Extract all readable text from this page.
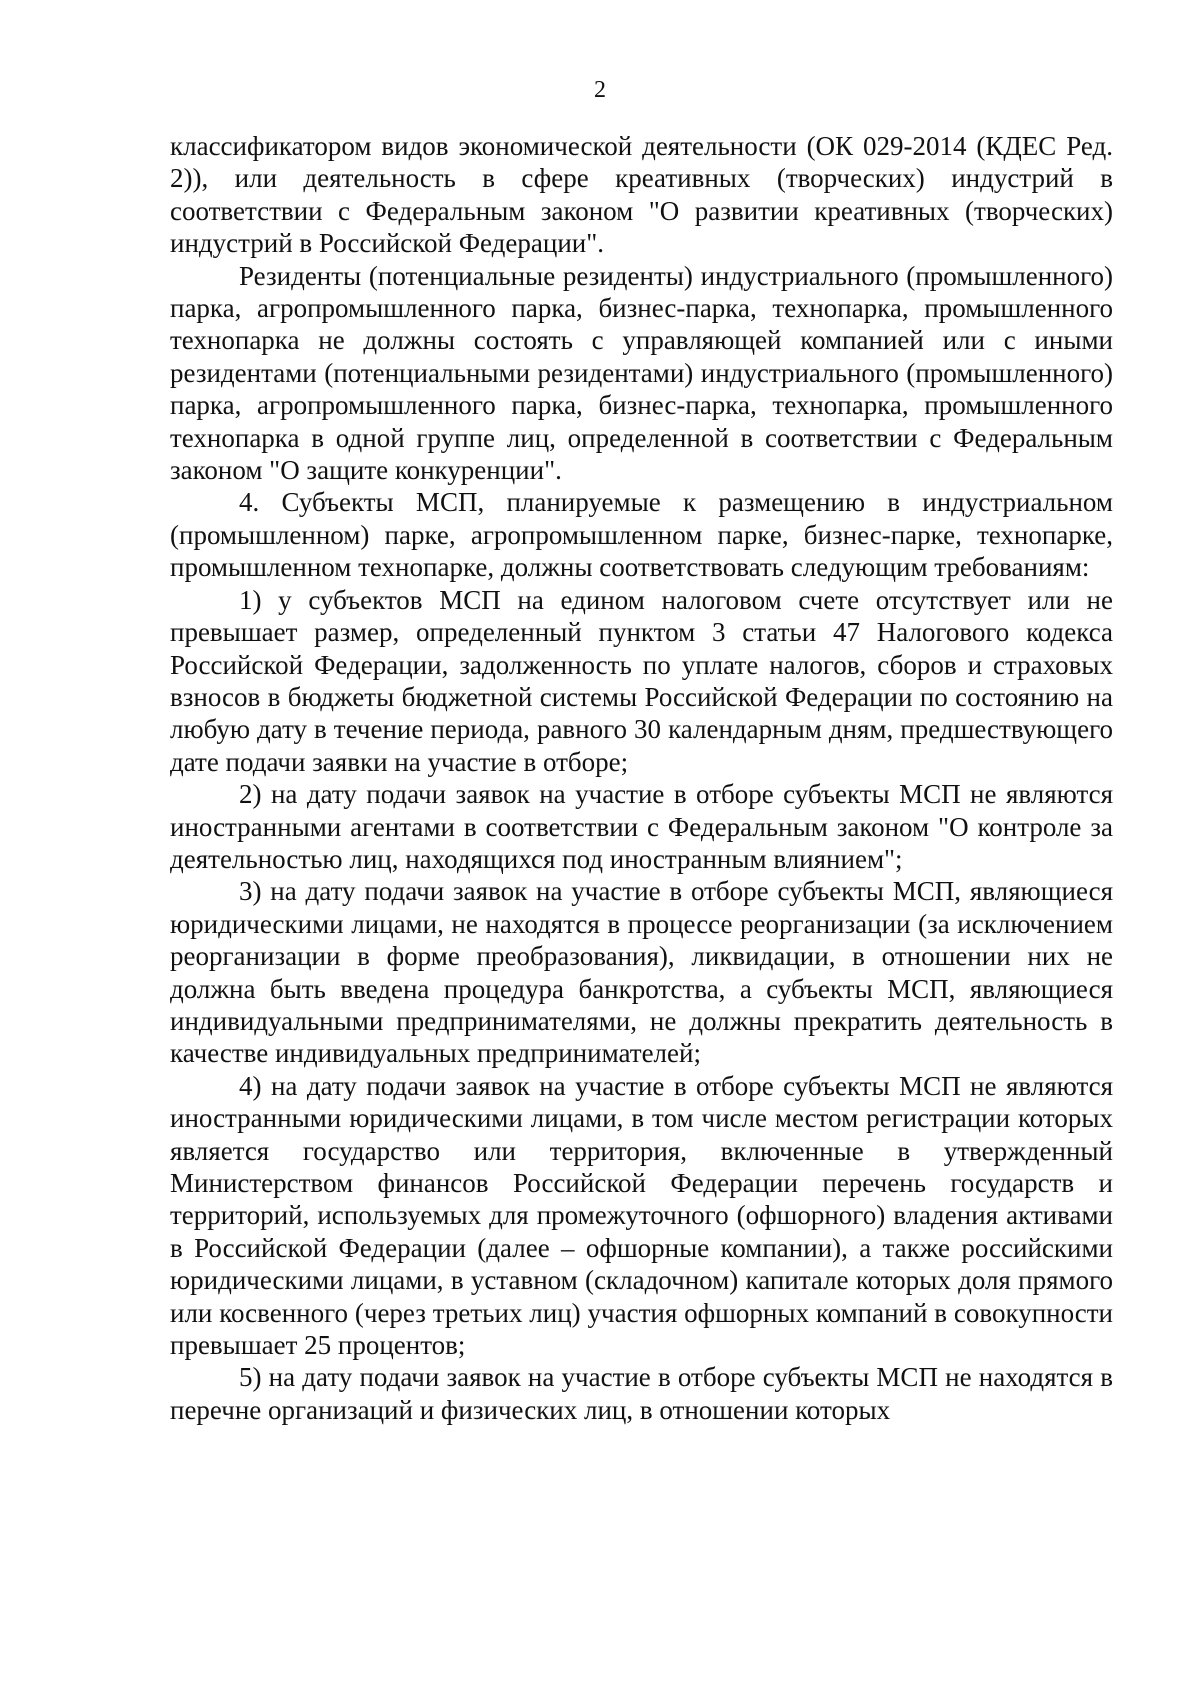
2

классификатором видов экономической деятельности (ОК 029-2014 (КДЕС Ред. 2)), или деятельность в сфере креативных (творческих) индустрий в соответствии с Федеральным законом "О развитии креативных (творческих) индустрий в Российской Федерации".

Резиденты (потенциальные резиденты) индустриального (промышленного) парка, агропромышленного парка, бизнес-парка, технопарка, промышленного технопарка не должны состоять с управляющей компанией или с иными резидентами (потенциальными резидентами) индустриального (промышленного) парка, агропромышленного парка, бизнес-парка, технопарка, промышленного технопарка в одной группе лиц, определенной в соответствии с Федеральным законом "О защите конкуренции".

4. Субъекты МСП, планируемые к размещению в индустриальном (промышленном) парке, агропромышленном парке, бизнес-парке, технопарке, промышленном технопарке, должны соответствовать следующим требованиям:

1) у субъектов МСП на едином налоговом счете отсутствует или не превышает размер, определенный пунктом 3 статьи 47 Налогового кодекса Российской Федерации, задолженность по уплате налогов, сборов и страховых взносов в бюджеты бюджетной системы Российской Федерации по состоянию на любую дату в течение периода, равного 30 календарным дням, предшествующего дате подачи заявки на участие в отборе;

2) на дату подачи заявок на участие в отборе субъекты МСП не являются иностранными агентами в соответствии с Федеральным законом "О контроле за деятельностью лиц, находящихся под иностранным влиянием";

3) на дату подачи заявок на участие в отборе субъекты МСП, являющиеся юридическими лицами, не находятся в процессе реорганизации (за исключением реорганизации в форме преобразования), ликвидации, в отношении них не должна быть введена процедура банкротства, а субъекты МСП, являющиеся индивидуальными предпринимателями, не должны прекратить деятельность в качестве индивидуальных предпринимателей;

4) на дату подачи заявок на участие в отборе субъекты МСП не являются иностранными юридическими лицами, в том числе местом регистрации которых является государство или территория, включенные в утвержденный Министерством финансов Российской Федерации перечень государств и территорий, используемых для промежуточного (офшорного) владения активами в Российской Федерации (далее – офшорные компании), а также российскими юридическими лицами, в уставном (складочном) капитале которых доля прямого или косвенного (через третьих лиц) участия офшорных компаний в совокупности превышает 25 процентов;

5) на дату подачи заявок на участие в отборе субъекты МСП не находятся в перечне организаций и физических лиц, в отношении которых
